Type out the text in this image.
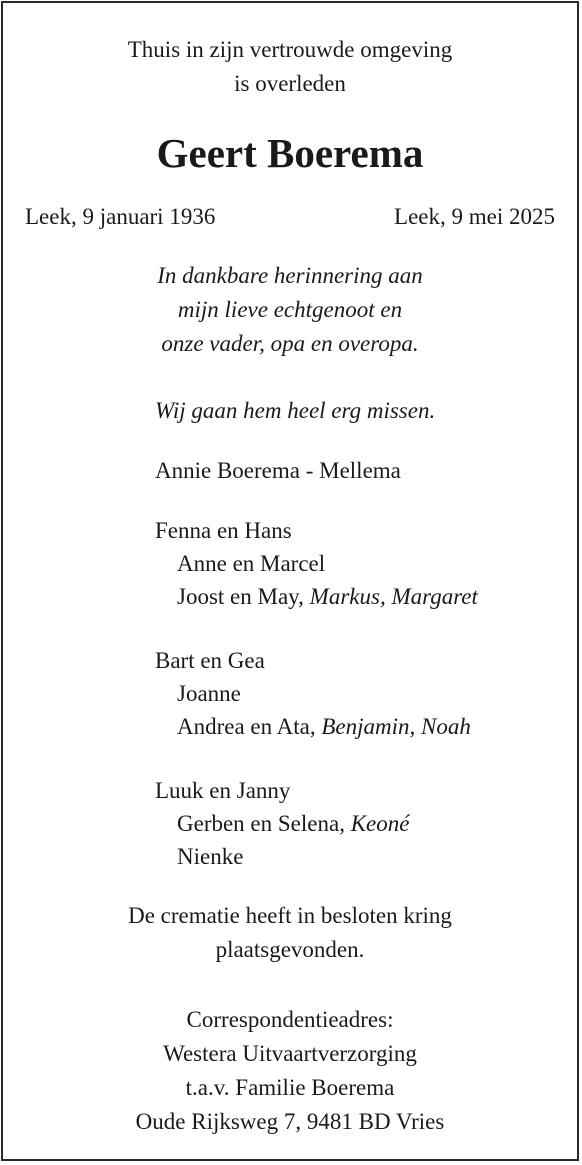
Thuis in zijn vertrouwde omgeving
is overleden
Geert Boerema
Leek, 9 januari 1936	Leek, 9 mei 2025
In dankbare herinnering aan
mijn lieve echtgenoot en
onze vader, opa en overopa.
Wij gaan hem heel erg missen.
Annie Boerema - Mellema
Fenna en Hans
Anne en Marcel
Joost en May, Markus, Margaret
Bart en Gea
Joanne
Andrea en Ata, Benjamin, Noah
Luuk en Janny
Gerben en Selena, Keoné
Nienke
De crematie heeft in besloten kring
plaatsgevonden.
Correspondentieadres:
Westera Uitvaartverzorging
t.a.v. Familie Boerema
Oude Rijksweg 7, 9481 BD Vries
